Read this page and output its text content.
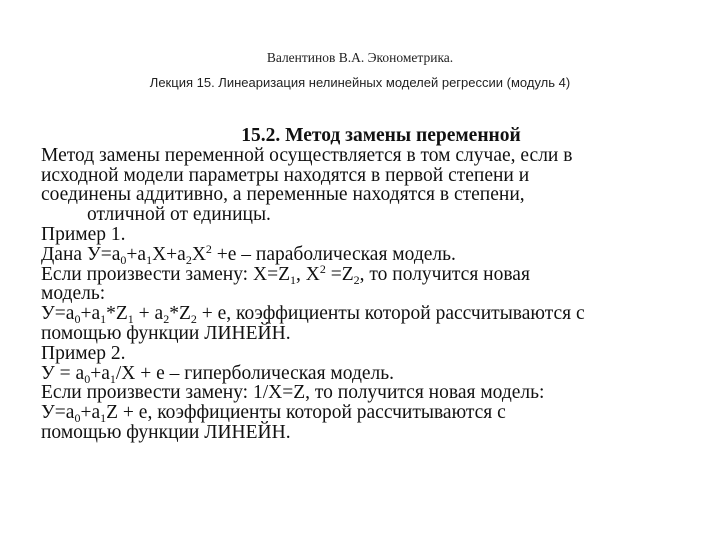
Валентинов В.А. Эконометрика.
Лекция 15. Линеаризация нелинейных моделей регрессии (модуль 4)
15.2. Метод замены переменной
Метод замены переменной осуществляется в том случае, если в
исходной модели параметры находятся в первой степени и
соединены аддитивно, а переменные находятся в степени,
отличной от единицы.
Пример 1.
Дана $У=a_0+a_1X+a_2X^2 +e$ – параболическая модель.
Если произвести замену: $X=Z_1$, $X^2 =Z_2$, то получится новая
модель:
$У=a_0+a_1*Z_1 + a_2*Z_2 + e$, коэффициенты которой рассчитываются с
помощью функции ЛИНЕЙН.
Пример 2.
$У = a_0+a_1/X + e$ – гиперболическая модель.
Если произвести замену: 1/X=Z, то получится новая модель:
$У=a_0+a_1Z + e$, коэффициенты которой рассчитываются с
помощью функции ЛИНЕЙН.
